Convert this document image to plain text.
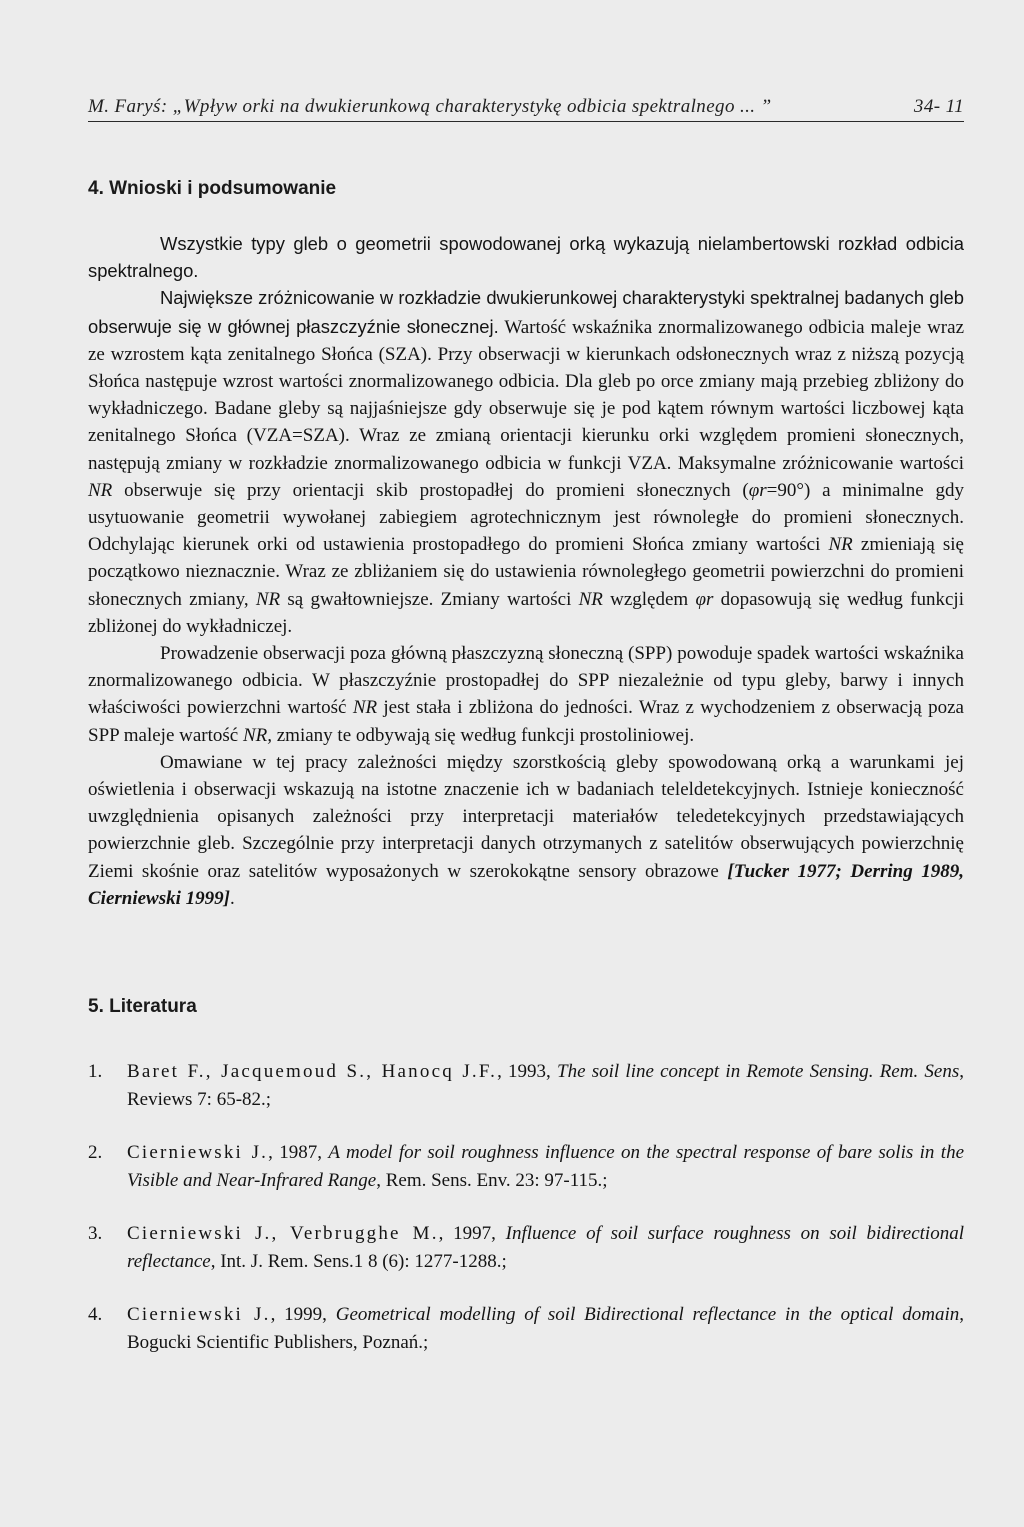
M. Faryś: „Wpływ orki na dwukierunkową charakterystykę odbicia spektralnego ... ”	34- 11
4. Wnioski i podsumowanie

Wszystkie typy gleb o geometrii spowodowanej orką wykazują nielambertowski rozkład odbicia spektralnego.

Największe zróżnicowanie w rozkładzie dwukierunkowej charakterystyki spektralnej badanych gleb obserwuje się w głównej płaszczyźnie słonecznej. Wartość wskaźnika znormalizowanego odbicia maleje wraz ze wzrostem kąta zenitalnego Słońca (SZA). Przy obserwacji w kierunkach odsłonecznych wraz z niższą pozycją Słońca następuje wzrost wartości znormalizowanego odbicia. Dla gleb po orce zmiany mają przebieg zbliżony do wykładniczego. Badane gleby są najjaśniejsze gdy obserwuje się je pod kątem równym wartości liczbowej kąta zenitalnego Słońca (VZA=SZA). Wraz ze zmianą orientacji kierunku orki względem promieni słonecznych, następują zmiany w rozkładzie znormalizowanego odbicia w funkcji VZA. Maksymalne zróżnicowanie wartości NR obserwuje się przy orientacji skib prostopadłej do promieni słonecznych (φr=90°) a minimalne gdy usytuowanie geometrii wywołanej zabiegiem agrotechnicznym jest równoległe do promieni słonecznych. Odchylając kierunek orki od ustawienia prostopadłego do promieni Słońca zmiany wartości NR zmieniają się początkowo nieznacznie. Wraz ze zbliżaniem się do ustawienia równoległego geometrii powierzchni do promieni słonecznych zmiany, NR są gwałtowniejsze. Zmiany wartości NR względem φr dopasowują się według funkcji zbliżonej do wykładniczej.

Prowadzenie obserwacji poza główną płaszczyzną słoneczną (SPP) powoduje spadek wartości wskaźnika znormalizowanego odbicia. W płaszczyźnie prostopadłej do SPP niezależnie od typu gleby, barwy i innych właściwości powierzchni wartość NR jest stała i zbliżona do jedności. Wraz z wychodzeniem z obserwacją poza SPP maleje wartość NR, zmiany te odbywają się według funkcji prostoliniowej.

Omawiane w tej pracy zależności między szorstkością gleby spowodowaną orką a warunkami jej oświetlenia i obserwacji wskazują na istotne znaczenie ich w badaniach teleldetekcyjnych. Istnieje konieczność uwzględnienia opisanych zależności przy interpretacji materiałów teledetekcyjnych przedstawiających powierzchnie gleb. Szczególnie przy interpretacji danych otrzymanych z satelitów obserwujących powierzchnię Ziemi skośnie oraz satelitów wyposażonych w szerokokątne sensory obrazowe [Tucker 1977; Derring 1989, Cierniewski 1999].

5. Literatura
1.	Baret F., Jacquemoud S., Hanocq J.F., 1993, The soil line concept in Remote Sensing. Rem. Sens, Reviews 7: 65-82.;
2.	Cierniewski J., 1987, A model for soil roughness influence on the spectral response of bare solis in the Visible and Near-Infrared Range, Rem. Sens. Env. 23: 97-115.;
3.	Cierniewski J., Verbrugghe M., 1997, Influence of soil surface roughness on soil bidirectional reflectance, Int. J. Rem. Sens.1 8 (6): 1277-1288.;
4.	Cierniewski J., 1999, Geometrical modelling of soil Bidirectional reflectance in the optical domain, Bogucki Scientific Publishers, Poznań.;
